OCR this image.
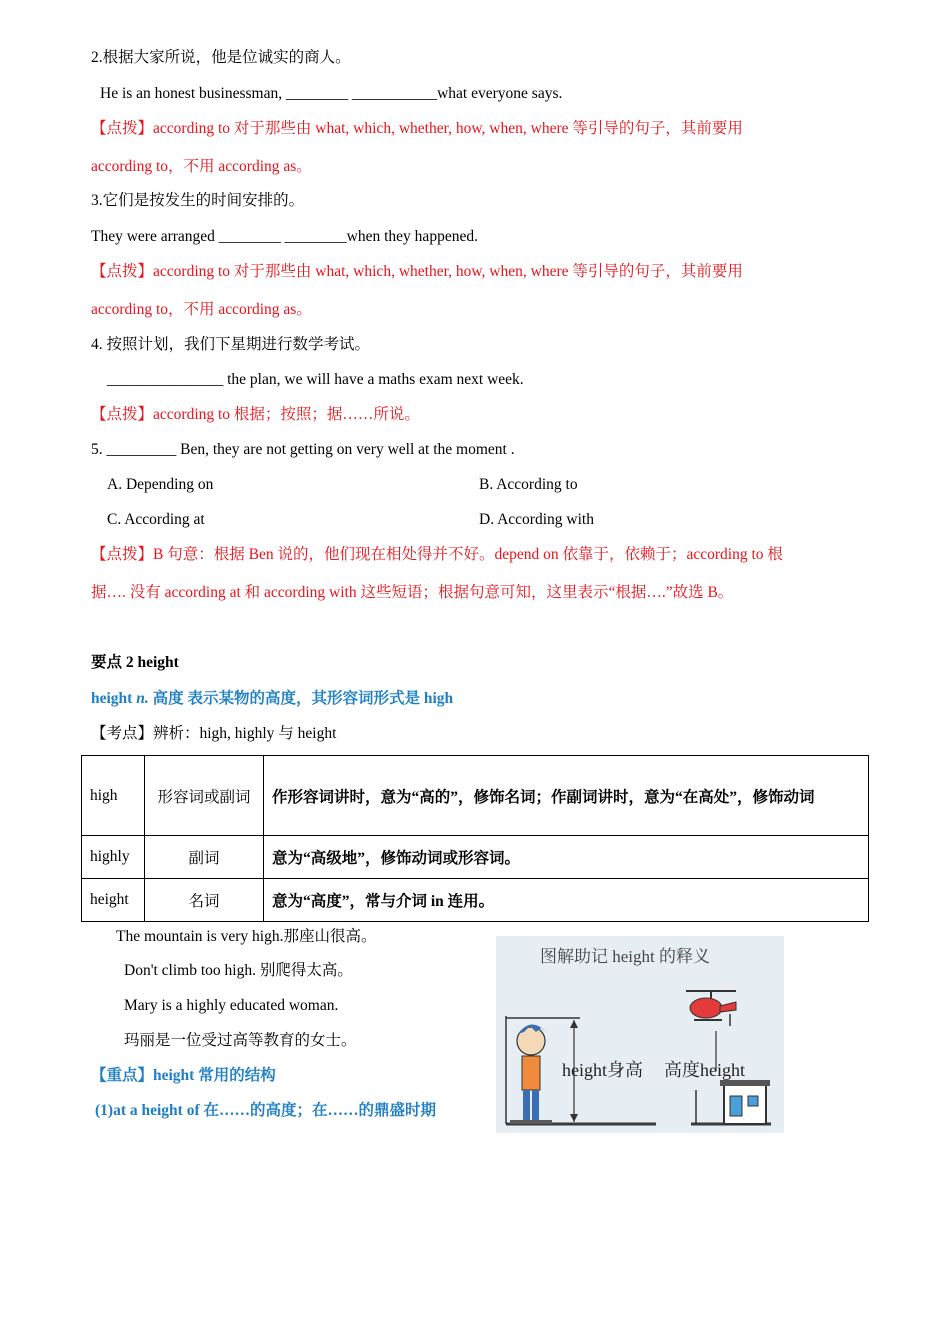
2.根据大家所说，他是位诚实的商人。
He is an honest businessman, ________ ___________what everyone says.
【点拨】according to 对于那些由 what, which, whether, how, when, where 等引导的句子，其前要用
according to，不用 according as。
3.它们是按发生的时间安排的。
They were arranged ________ ________when they happened.
【点拨】according to 对于那些由 what, which, whether, how, when, where 等引导的句子，其前要用
according to，不用 according as。
4. 按照计划，我们下星期进行数学考试。
_______________ the plan, we will have a maths exam next week.
【点拨】according to 根据；按照；据……所说。
5. _________ Ben, they are not getting on very well at the moment .
A. Depending on	B. According to
C. According at	D. According with
【点拨】B 句意：根据 Ben 说的，他们现在相处得并不好。depend on 依靠于，依赖于；according to 根
据…. 没有 according at 和 according with 这些短语；根据句意可知，这里表示“根据….”故选 B。
要点 2 height
height n. 高度 表示某物的高度，其形容词形式是 high
【考点】辨析：high, highly 与 height
high	形容词或副词	作形容词讲时，意为“高的”，修饰名词；作副词讲时，意为“在高处”，修饰动词
highly	副词	意为“高级地”，修饰动词或形容词。
height	名词	意为“高度”，常与介词 in 连用。
The mountain is very high.那座山很高。
Don't climb too high. 别爬得太高。
Mary is a highly educated woman.
玛丽是一位受过高等教育的女士。
【重点】height 常用的结构
(1)at a height of 在……的高度；在……的鼎盛时期
图解助记 height 的释义
height身高 高度height
